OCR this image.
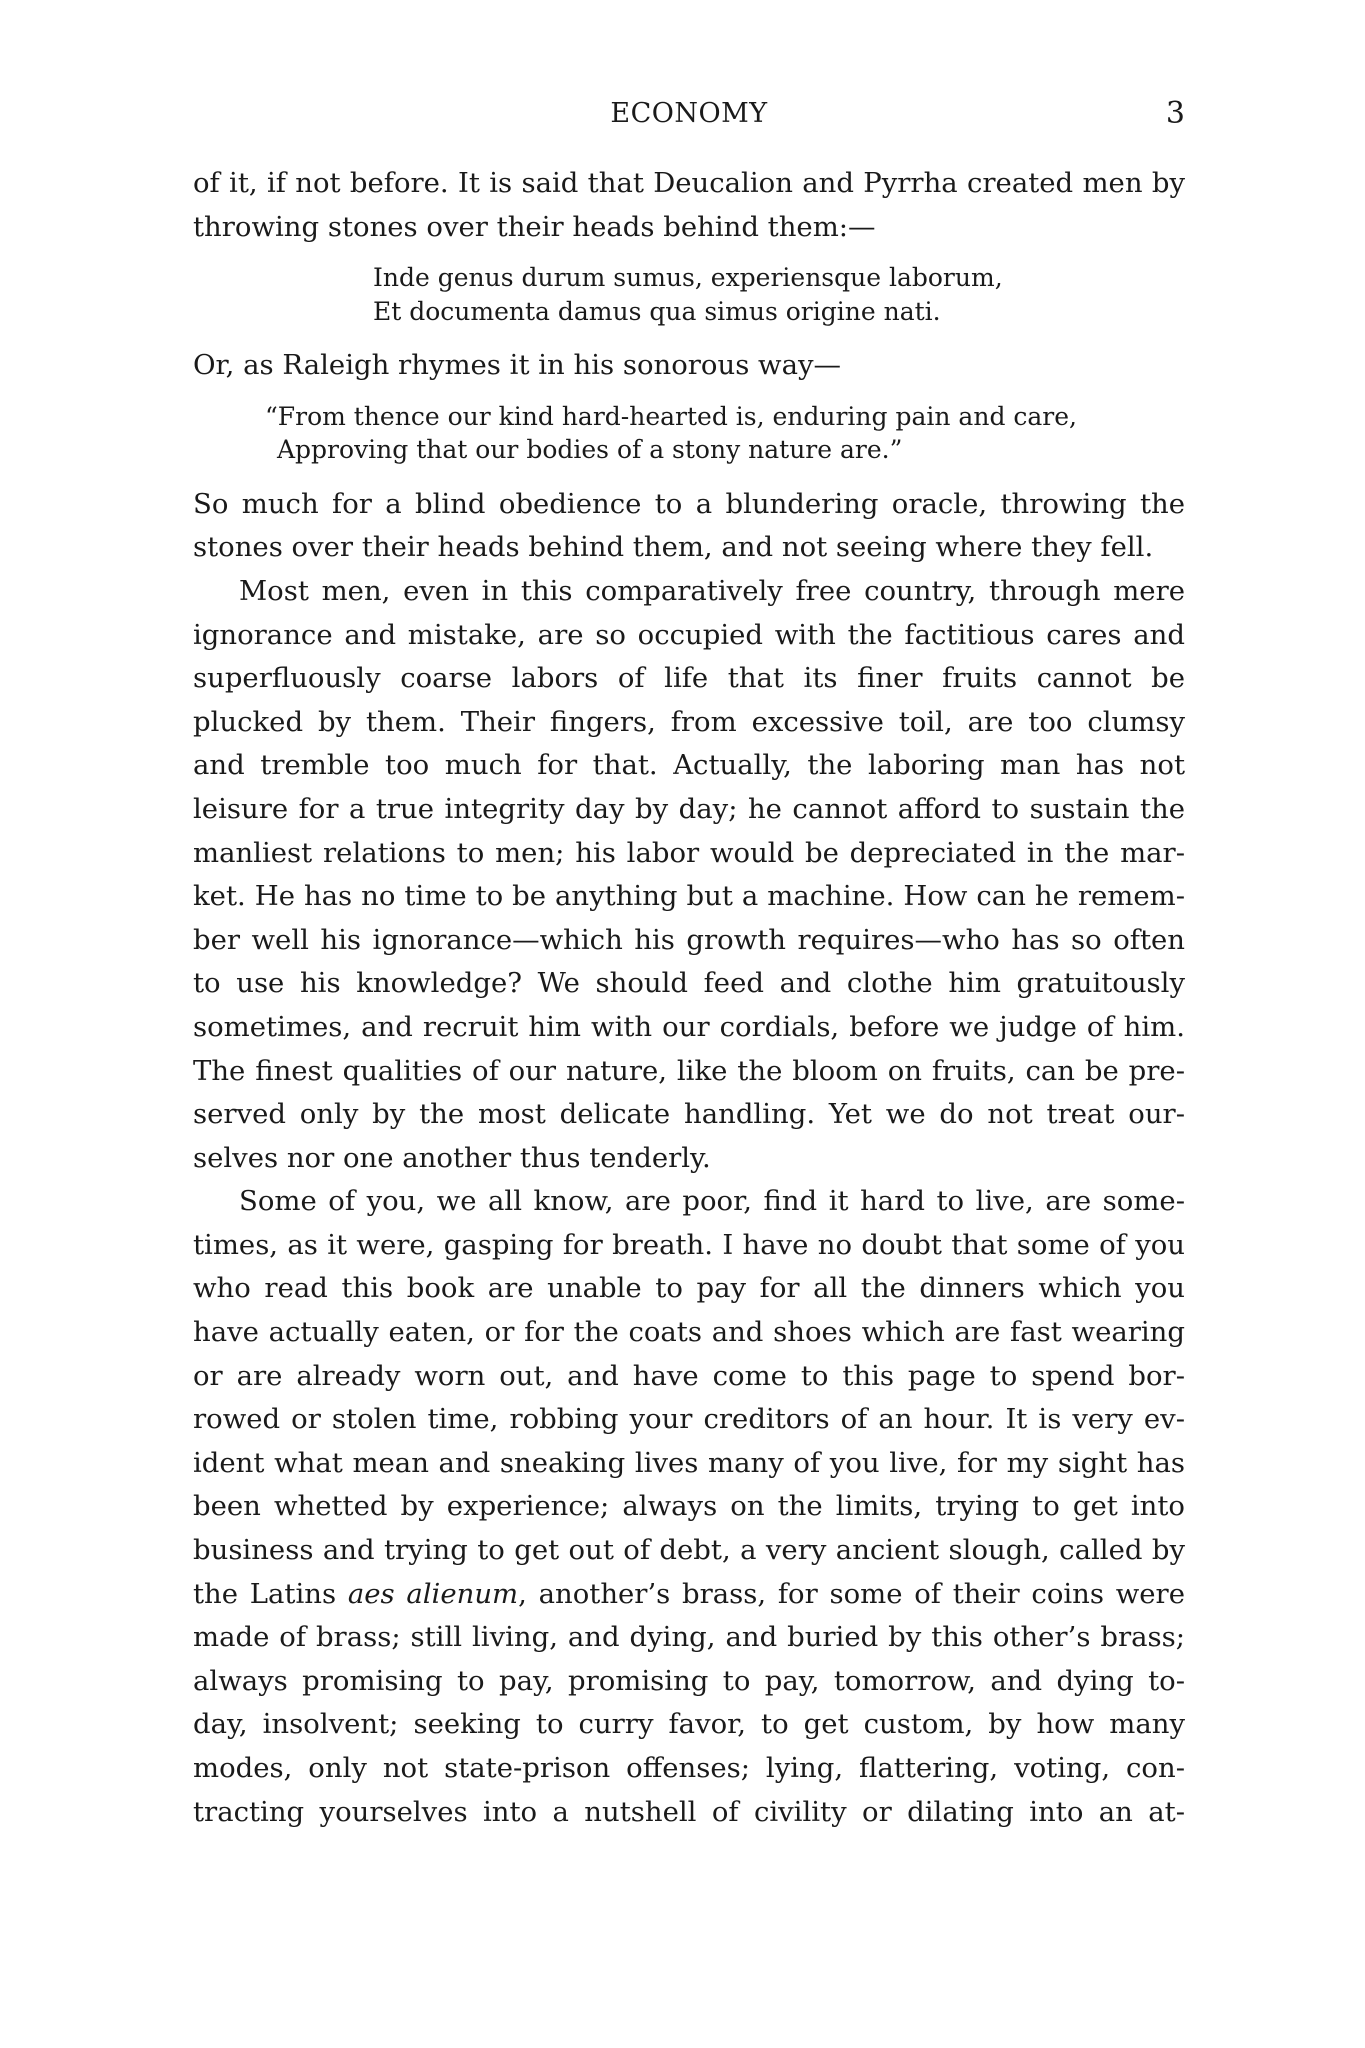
ECONOMY	3
of it, if not before. It is said that Deucalion and Pyrrha created men by
throwing stones over their heads behind them:—
Inde genus durum sumus, experiensque laborum,
Et documenta damus qua simus origine nati.
Or, as Raleigh rhymes it in his sonorous way—
“From thence our kind hard-hearted is, enduring pain and care,
Approving that our bodies of a stony nature are.”
So much for a blind obedience to a blundering oracle, throwing the
stones over their heads behind them, and not seeing where they fell.
Most men, even in this comparatively free country, through mere
ignorance and mistake, are so occupied with the factitious cares and
superfluously coarse labors of life that its finer fruits cannot be
plucked by them. Their fingers, from excessive toil, are too clumsy
and tremble too much for that. Actually, the laboring man has not
leisure for a true integrity day by day; he cannot afford to sustain the
manliest relations to men; his labor would be depreciated in the mar-
ket. He has no time to be anything but a machine. How can he remem-
ber well his ignorance—which his growth requires—who has so often
to use his knowledge? We should feed and clothe him gratuitously
sometimes, and recruit him with our cordials, before we judge of him.
The finest qualities of our nature, like the bloom on fruits, can be pre-
served only by the most delicate handling. Yet we do not treat our-
selves nor one another thus tenderly.
Some of you, we all know, are poor, find it hard to live, are some-
times, as it were, gasping for breath. I have no doubt that some of you
who read this book are unable to pay for all the dinners which you
have actually eaten, or for the coats and shoes which are fast wearing
or are already worn out, and have come to this page to spend bor-
rowed or stolen time, robbing your creditors of an hour. It is very ev-
ident what mean and sneaking lives many of you live, for my sight has
been whetted by experience; always on the limits, trying to get into
business and trying to get out of debt, a very ancient slough, called by
the Latins aes alienum, another’s brass, for some of their coins were
made of brass; still living, and dying, and buried by this other’s brass;
always promising to pay, promising to pay, tomorrow, and dying to-
day, insolvent; seeking to curry favor, to get custom, by how many
modes, only not state-prison offenses; lying, flattering, voting, con-
tracting yourselves into a nutshell of civility or dilating into an at-
